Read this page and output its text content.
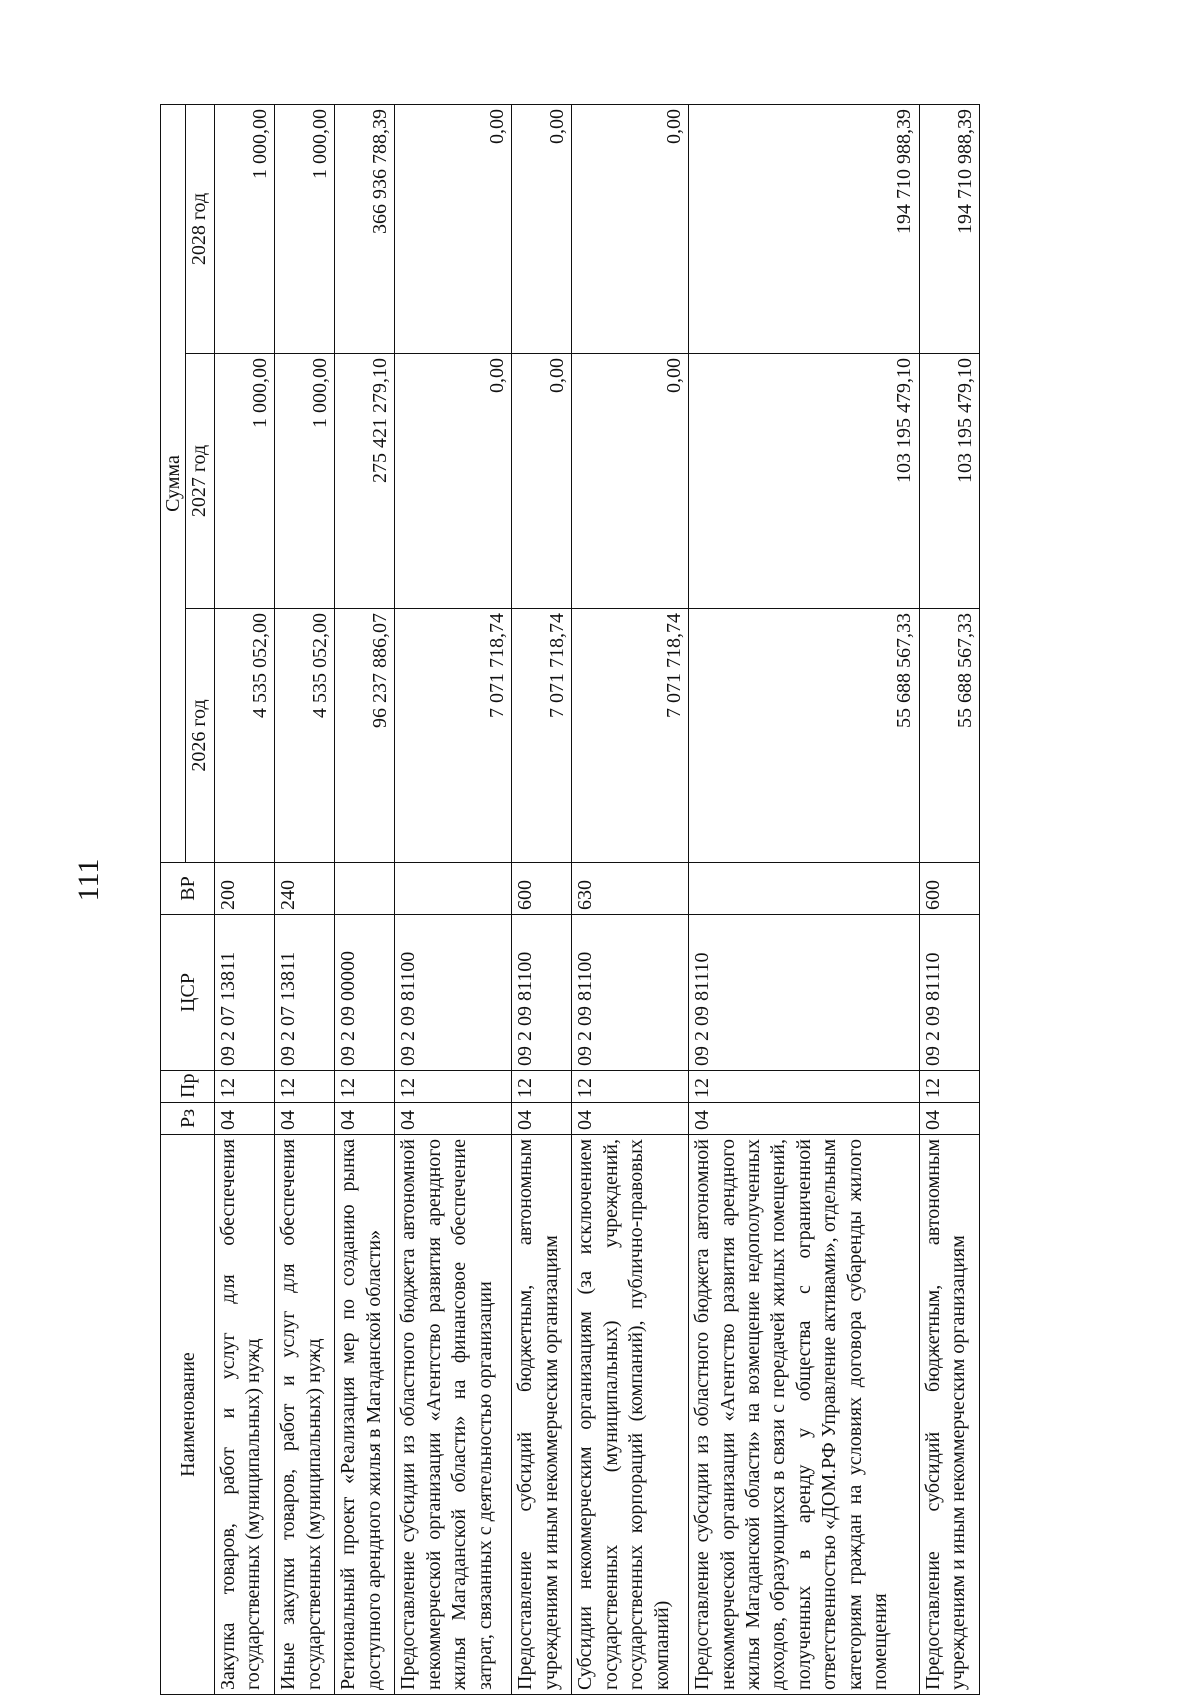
111
Наименование	Рз	Пр	ЦСР	ВР	Сумма		
					2026 год	2027 год	2028 год
Закупка товаров, работ и услуг для обеспечения государственных (муниципальных) нужд	04	12	09 2 07 13811	200	4 535 052,00	1 000,00	1 000,00
Иные закупки товаров, работ и услуг для обеспечения государственных (муниципальных) нужд	04	12	09 2 07 13811	240	4 535 052,00	1 000,00	1 000,00
Региональный проект «Реализация мер по созданию рынка доступного арендного жилья в Магаданской области»	04	12	09 2 09 00000		96 237 886,07	275 421 279,10	366 936 788,39
Предоставление субсидии из областного бюджета автономной некоммерческой организации «Агентство развития арендного жилья Магаданской области» на финансовое обеспечение затрат, связанных с деятельностью организации	04	12	09 2 09 81100		7 071 718,74	0,00	0,00
Предоставление субсидий бюджетным, автономным учреждениям и иным некоммерческим организациям	04	12	09 2 09 81100	600	7 071 718,74	0,00	0,00
Субсидии некоммерческим организациям (за исключением государственных (муниципальных) учреждений, государственных корпораций (компаний), публично-правовых компаний)	04	12	09 2 09 81100	630	7 071 718,74	0,00	0,00
Предоставление субсидии из областного бюджета автономной некоммерческой организации «Агентство развития арендного жилья Магаданской области» на возмещение недополученных доходов, образующихся в связи с передачей жилых помещений, полученных в аренду у общества с ограниченной ответственностью «ДОМ.РФ Управление активами», отдельным категориям граждан на условиях договора субаренды жилого помещения	04	12	09 2 09 81110		55 688 567,33	103 195 479,10	194 710 988,39
Предоставление субсидий бюджетным, автономным учреждениям и иным некоммерческим организациям	04	12	09 2 09 81110	600	55 688 567,33	103 195 479,10	194 710 988,39
